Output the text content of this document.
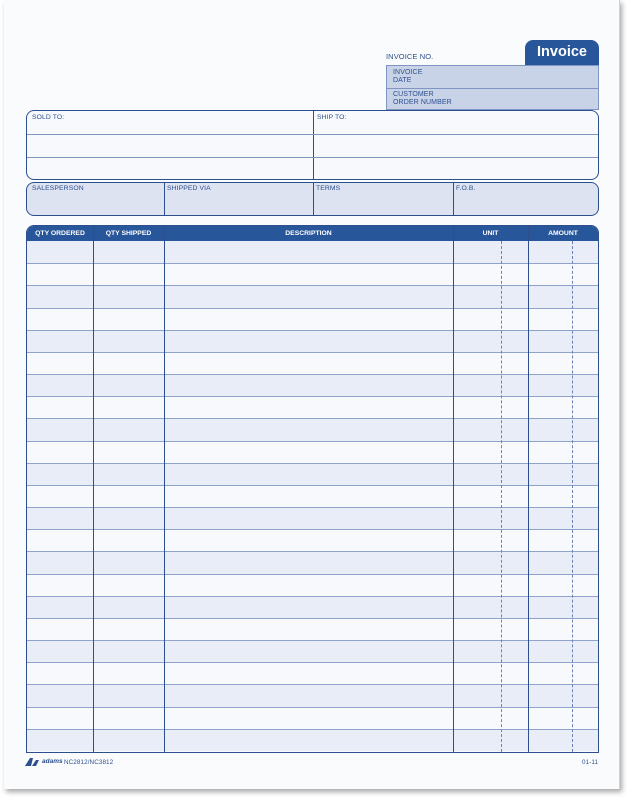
INVOICE NO.	Invoice
INVOICE
DATE
CUSTOMER
ORDER NUMBER
SOLD TO:	SHIP TO:
SALESPERSON	SHIPPED VIA	TERMS	F.O.B.
QTY ORDERED	QTY SHIPPED	DESCRIPTION	UNIT	AMOUNT
adams NC2812/NC3812	01-11
